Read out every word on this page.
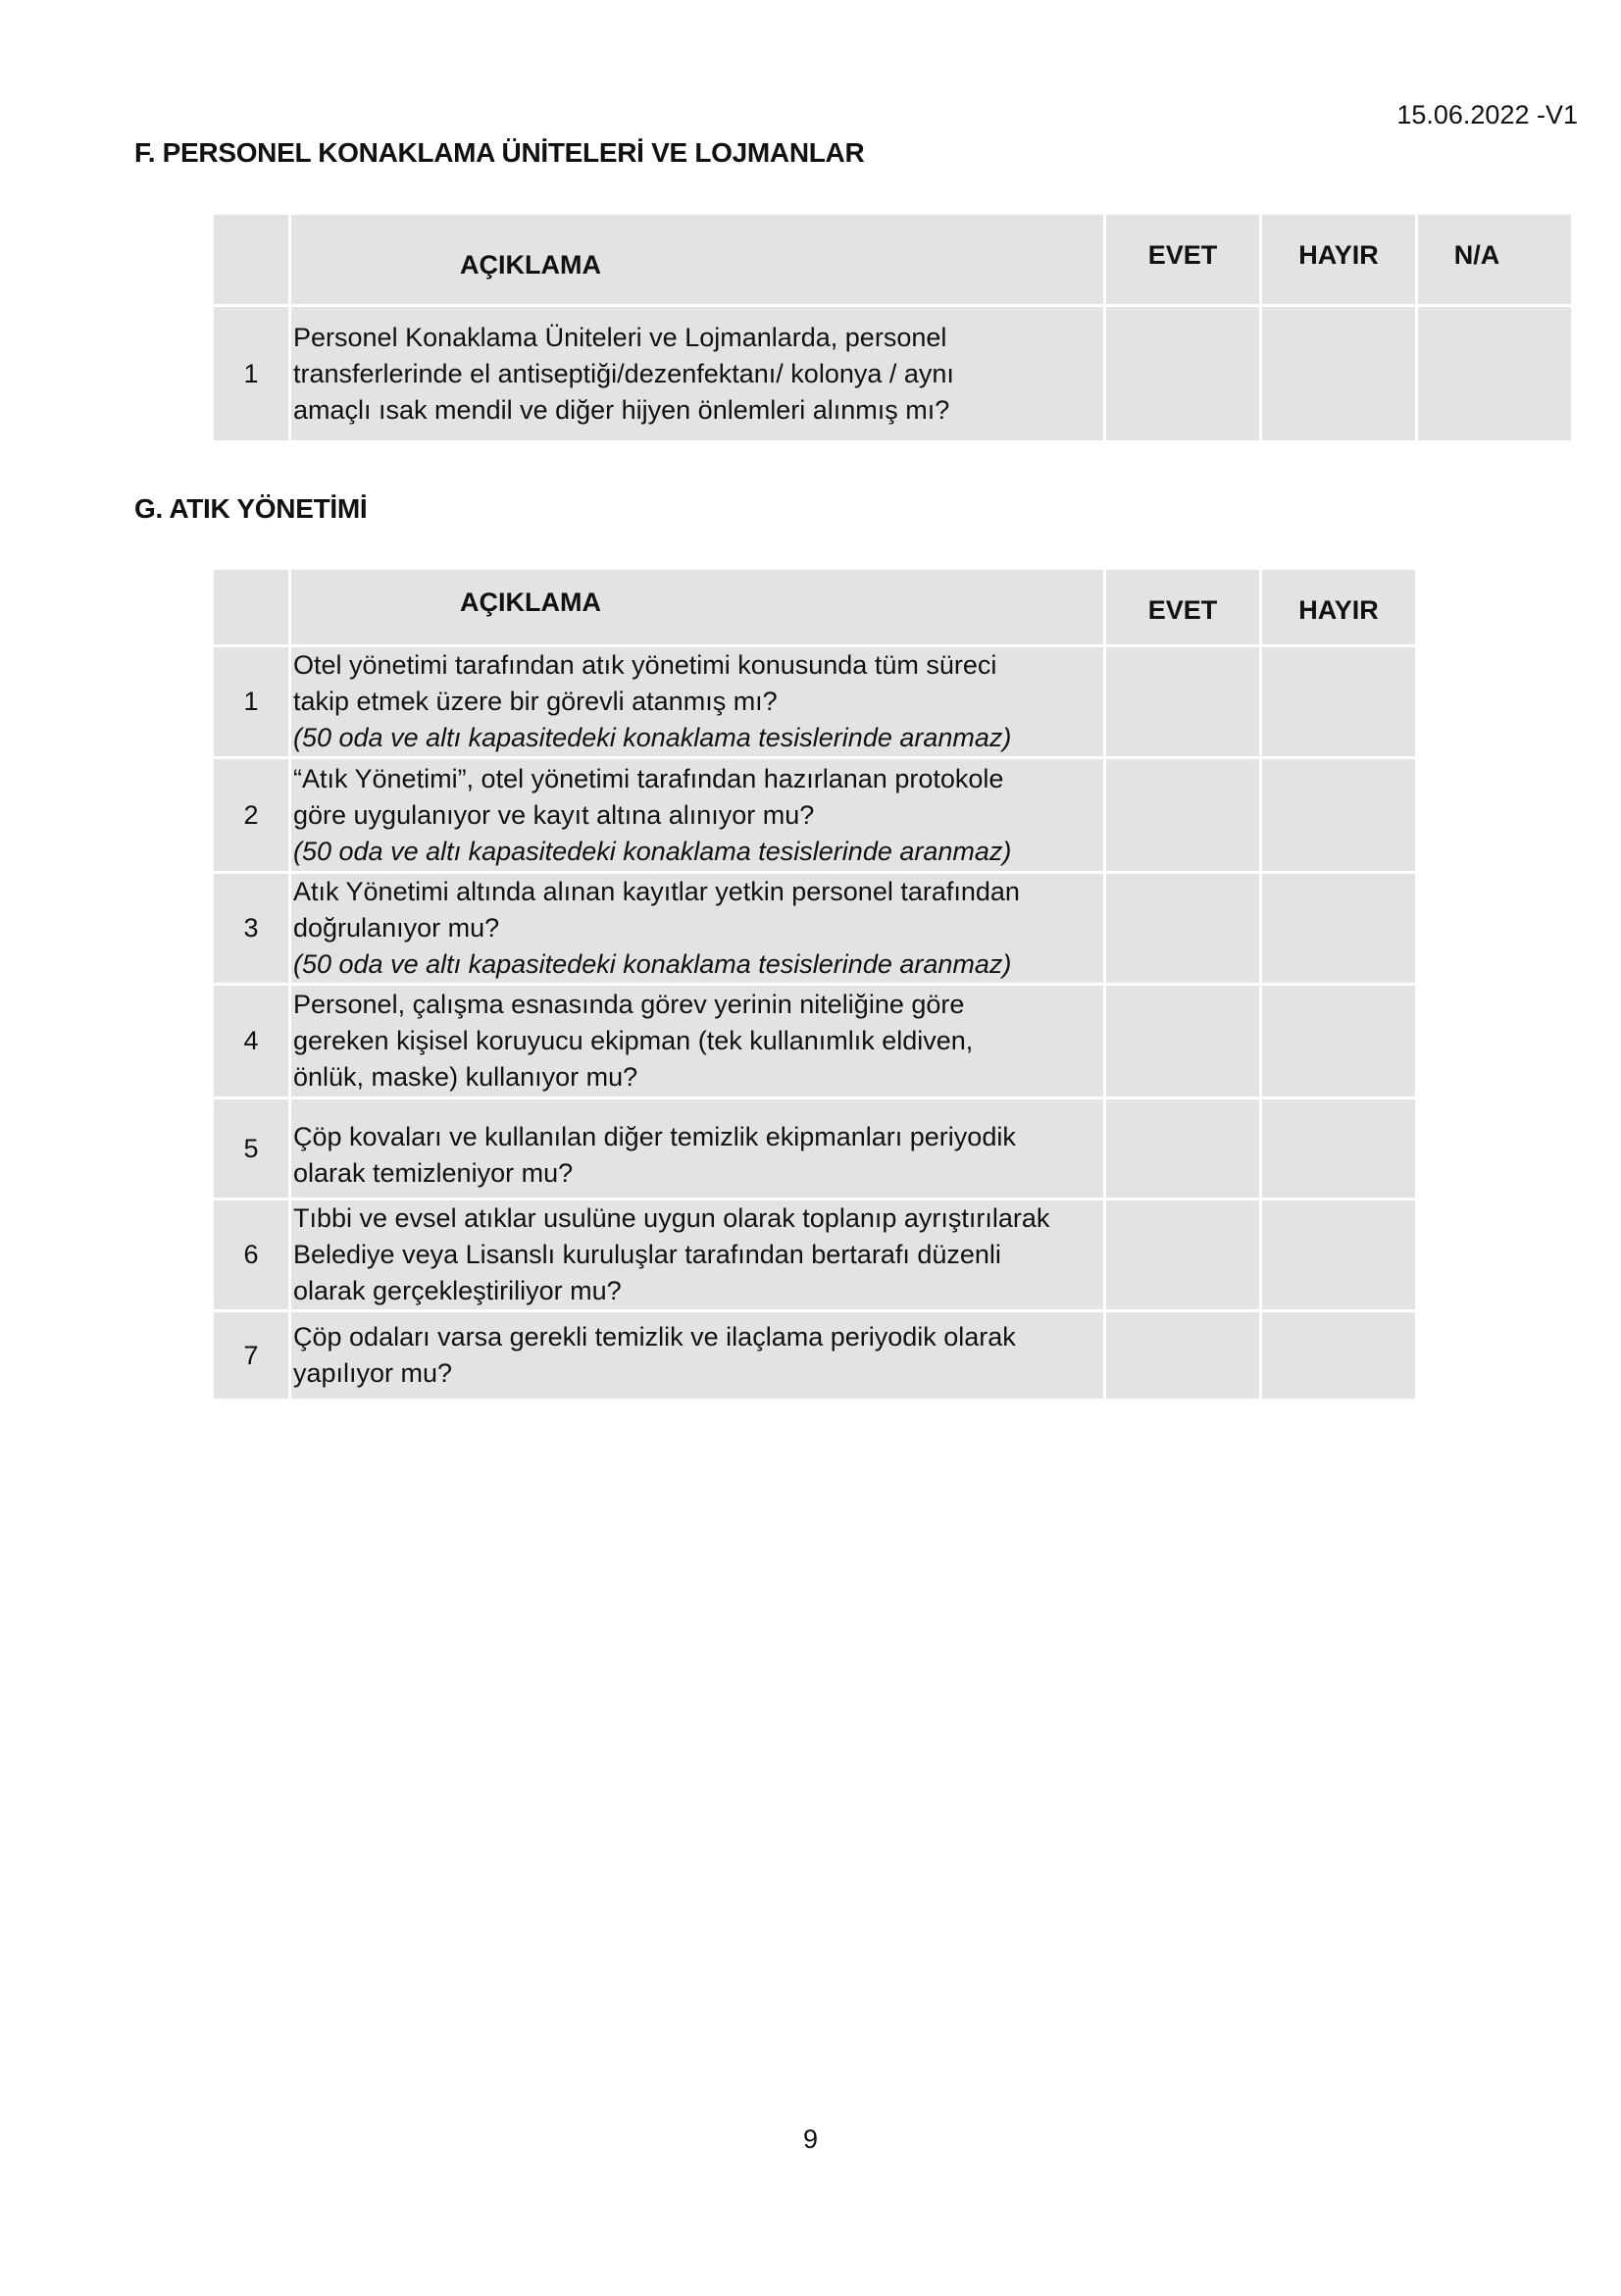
15.06.2022 -V1
F. PERSONEL KONAKLAMA ÜNİTELERİ VE LOJMANLAR
	AÇIKLAMA	EVET	HAYIR	N/A
1	Personel Konaklama Üniteleri ve Lojmanlarda, personel
transferlerinde el antiseptiği/dezenfektanı/ kolonya / aynı
amaçlı ısak mendil ve diğer hijyen önlemleri alınmış mı?			

G. ATIK YÖNETİMİ
	AÇIKLAMA	EVET	HAYIR
1	Otel yönetimi tarafından atık yönetimi konusunda tüm süreci
takip etmek üzere bir görevli atanmış mı?
(50 oda ve altı kapasitedeki konaklama tesislerinde aranmaz)		

2	“Atık Yönetimi”, otel yönetimi tarafından hazırlanan protokole
göre uygulanıyor ve kayıt altına alınıyor mu?
(50 oda ve altı kapasitedeki konaklama tesislerinde aranmaz)		

3	Atık Yönetimi altında alınan kayıtlar yetkin personel tarafından
doğrulanıyor mu?
(50 oda ve altı kapasitedeki konaklama tesislerinde aranmaz)		

4	Personel, çalışma esnasında görev yerinin niteliğine göre
gereken kişisel koruyucu ekipman (tek kullanımlık eldiven,
önlük, maske) kullanıyor mu?		

5	Çöp kovaları ve kullanılan diğer temizlik ekipmanları periyodik
olarak temizleniyor mu?		

6	Tıbbi ve evsel atıklar usulüne uygun olarak toplanıp ayrıştırılarak
Belediye veya Lisanslı kuruluşlar tarafından bertarafı düzenli
olarak gerçekleştiriliyor mu?		

7	Çöp odaları varsa gerekli temizlik ve ilaçlama periyodik olarak
yapılıyor mu?		

9
